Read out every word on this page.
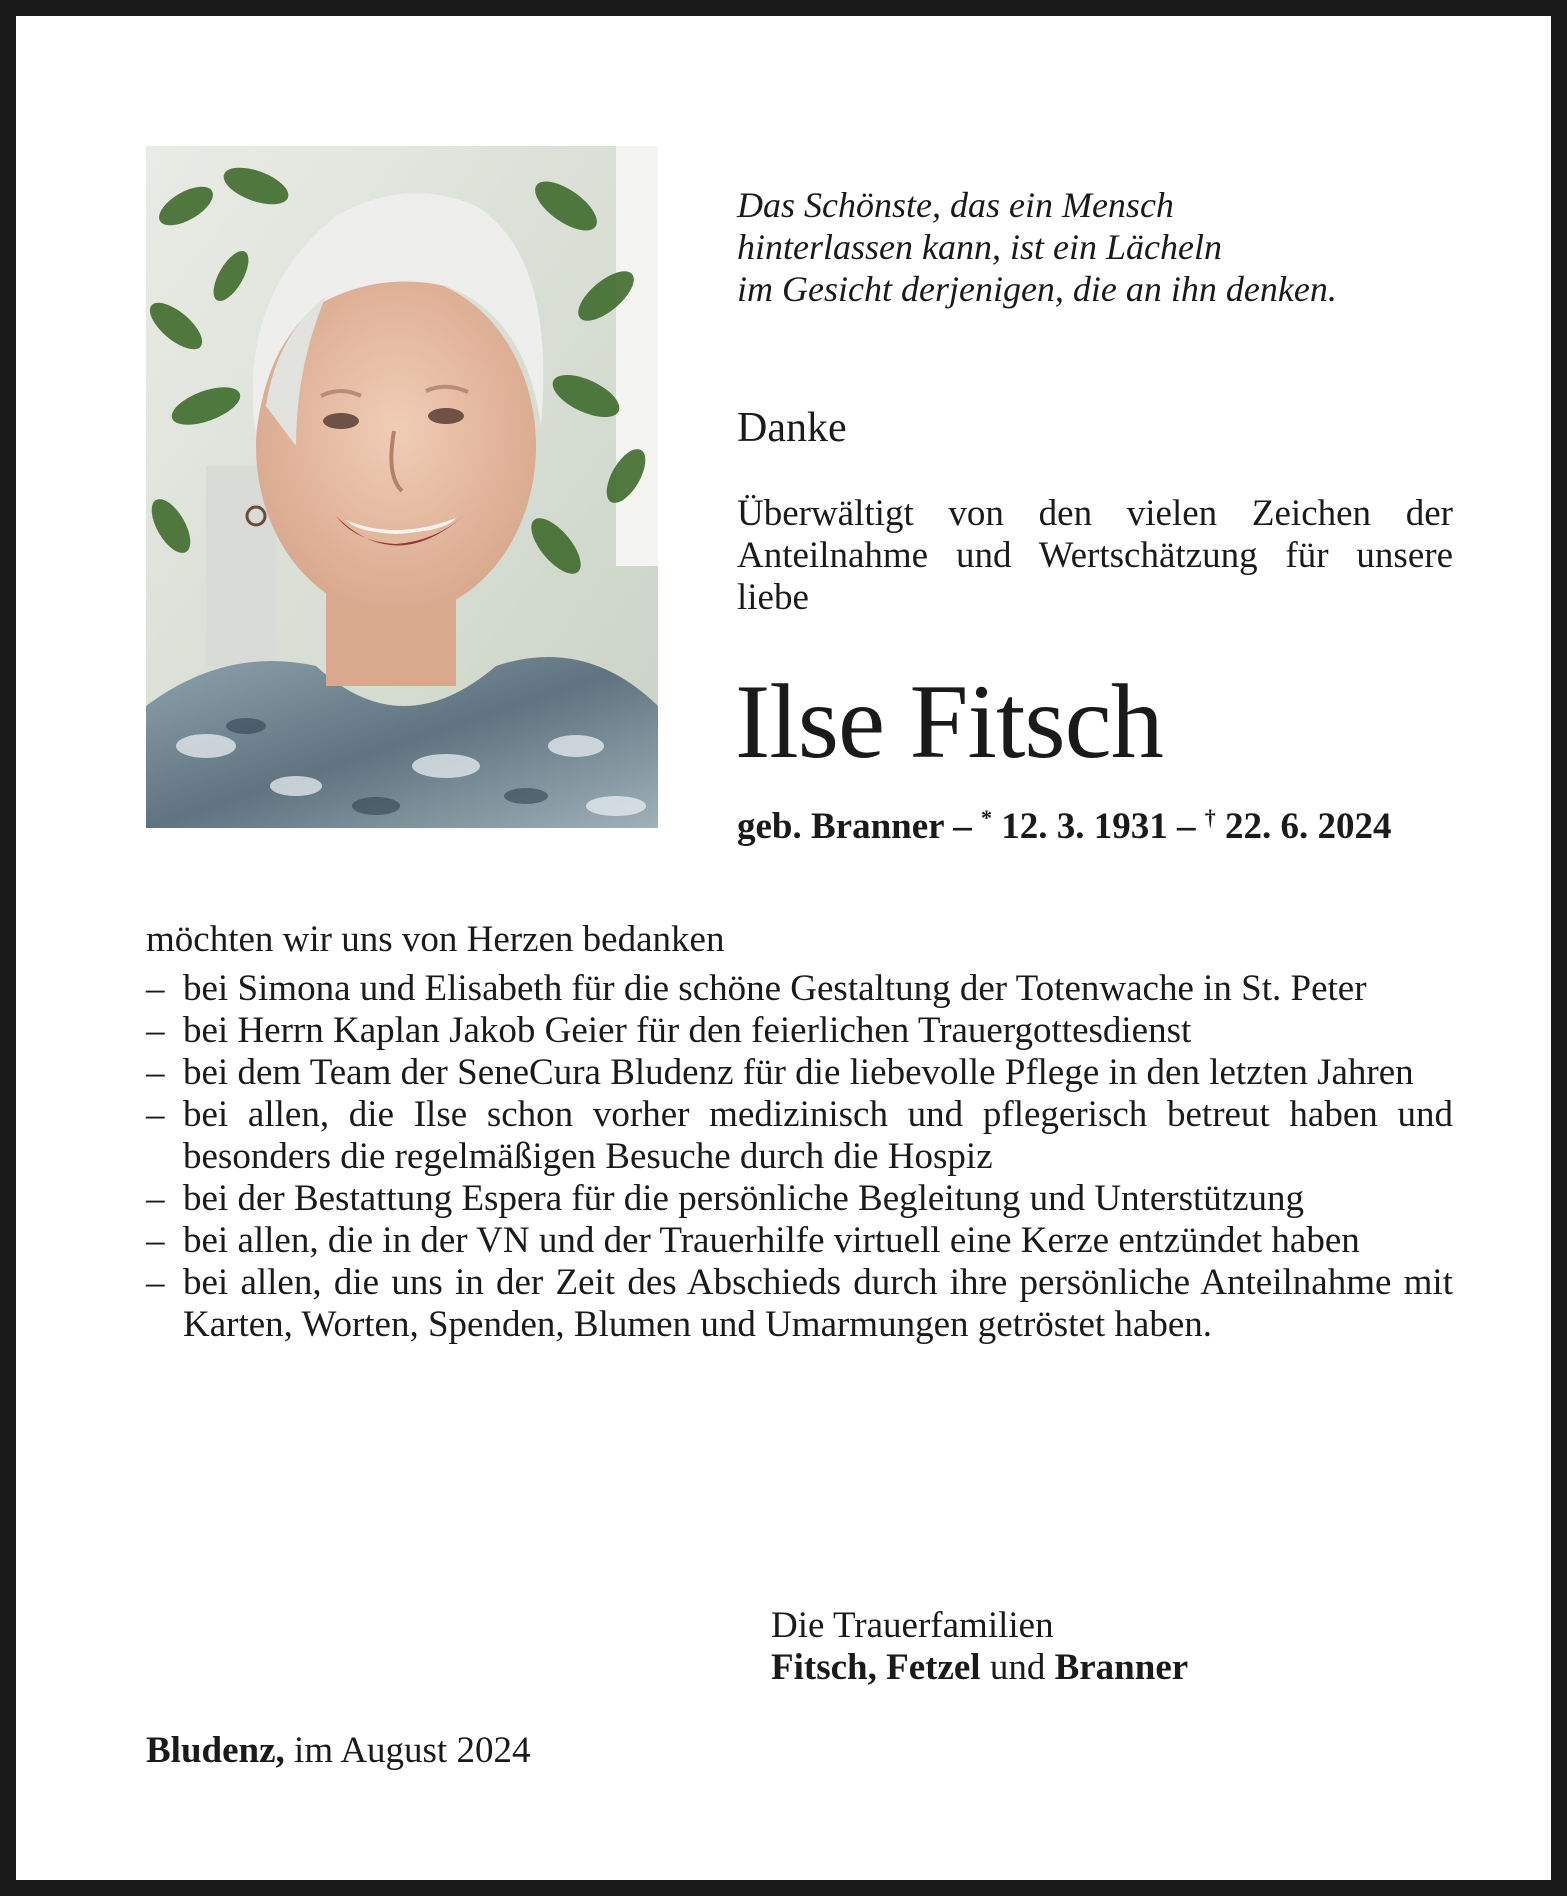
Das Schönste, das ein Mensch
hinterlassen kann, ist ein Lächeln
im Gesicht derjenigen, die an ihn denken.
Danke

Überwältigt von den vielen Zeichen der Anteilnahme und Wertschätzung für unsere liebe

Ilse Fitsch
geb. Branner – * 12. 3. 1931 – † 22. 6. 2024

möchten wir uns von Herzen bedanken

– bei Simona und Elisabeth für die schöne Gestaltung der Totenwache in St. Peter
– bei Herrn Kaplan Jakob Geier für den feierlichen Trauergottesdienst
– bei dem Team der SeneCura Bludenz für die liebevolle Pflege in den letzten Jahren
– bei allen, die Ilse schon vorher medizinisch und pflegerisch betreut haben und besonders die regelmäßigen Besuche durch die Hospiz
– bei der Bestattung Espera für die persönliche Begleitung und Unterstützung
– bei allen, die in der VN und der Trauerhilfe virtuell eine Kerze entzündet haben
– bei allen, die uns in der Zeit des Abschieds durch ihre persönliche Anteilnahme mit Karten, Worten, Spenden, Blumen und Umarmungen getröstet haben.
Die Trauerfamilien
Fitsch, Fetzel und Branner
Bludenz, im August 2024
